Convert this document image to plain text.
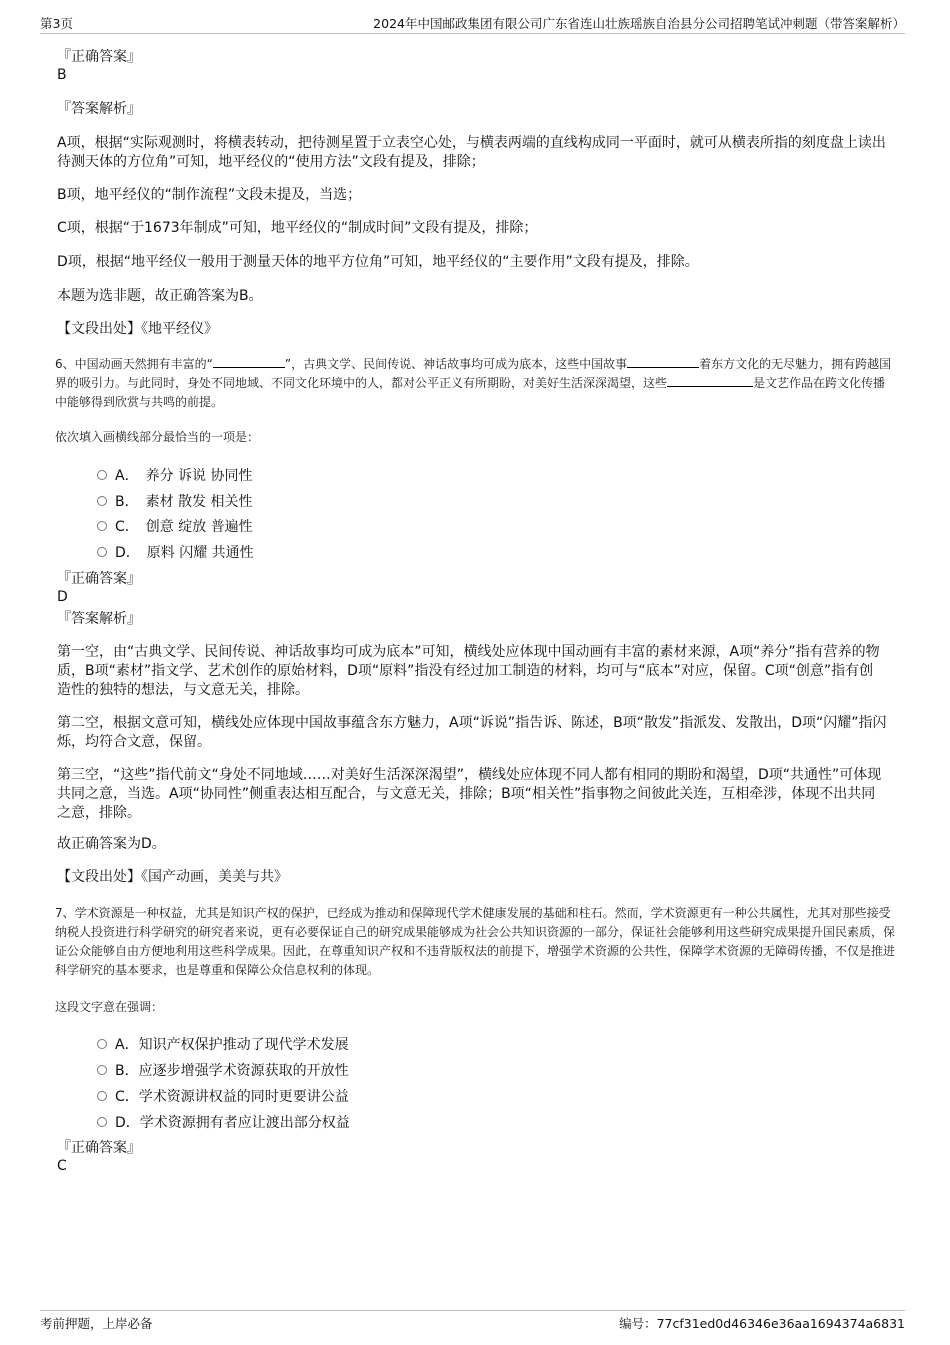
第3页	2024年中国邮政集团有限公司广东省连山壮族瑶族自治县分公司招聘笔试冲刺题（带答案解析）
『正确答案』
B
『答案解析』
A项，根据“实际观测时，将横表转动，把待测星置于立表空心处，与横表两端的直线构成同一平面时，就可从横表所指的刻度盘上读出待测天体的方位角”可知，地平经仪的“使用方法”文段有提及，排除；
B项，地平经仪的“制作流程”文段未提及，当选；
C项，根据“于1673年制成”可知，地平经仪的“制成时间”文段有提及，排除；
D项，根据“地平经仪一般用于测量天体的地平方位角”可知，地平经仪的“主要作用”文段有提及，排除。
本题为选非题，故正确答案为B。
【文段出处】《地平经仪》
6、中国动画天然拥有丰富的“	”，古典文学、民间传说、神话故事均可成为底本，这些中国故事	着东方文化的无尽魅力，拥有跨越国界的吸引力。与此同时，身处不同地域、不同文化环境中的人，都对公平正义有所期盼，对美好生活深深渴望，这些	是文艺作品在跨文化传播中能够得到欣赏与共鸣的前提。
依次填入画横线部分最恰当的一项是：
A．　养分 诉说 协同性
B．　素材 散发 相关性
C．　创意 绽放 普遍性
D．　原料 闪耀 共通性
『正确答案』
D
『答案解析』
第一空，由“古典文学、民间传说、神话故事均可成为底本”可知，横线处应体现中国动画有丰富的素材来源，A项“养分”指有营养的物质，B项“素材”指文学、艺术创作的原始材料，D项“原料”指没有经过加工制造的材料，均可与“底本”对应，保留。C项“创意”指有创造性的独特的想法，与文意无关，排除。
第二空，根据文意可知，横线处应体现中国故事蕴含东方魅力，A项“诉说”指告诉、陈述，B项“散发”指派发、发散出，D项“闪耀”指闪烁，均符合文意，保留。
第三空，“这些”指代前文“身处不同地域……对美好生活深深渴望”，横线处应体现不同人都有相同的期盼和渴望，D项“共通性”可体现共同之意，当选。A项“协同性”侧重表达相互配合，与文意无关，排除；B项“相关性”指事物之间彼此关连，互相牵涉，体现不出共同之意，排除。
故正确答案为D。
【文段出处】《国产动画，美美与共》
7、学术资源是一种权益，尤其是知识产权的保护，已经成为推动和保障现代学术健康发展的基础和柱石。然而，学术资源更有一种公共属性，尤其对那些接受纳税人投资进行科学研究的研究者来说，更有必要保证自己的研究成果能够成为社会公共知识资源的一部分，保证社会能够利用这些研究成果提升国民素质，保证公众能够自由方便地利用这些科学成果。因此，在尊重知识产权和不违背版权法的前提下，增强学术资源的公共性，保障学术资源的无障碍传播，不仅是推进科学研究的基本要求，也是尊重和保障公众信息权利的体现。
这段文字意在强调：
A．知识产权保护推动了现代学术发展
B．应逐步增强学术资源获取的开放性
C．学术资源讲权益的同时更要讲公益
D．学术资源拥有者应让渡出部分权益
『正确答案』
C
考前押题，上岸必备	编号：77cf31ed0d46346e36aa1694374a6831
